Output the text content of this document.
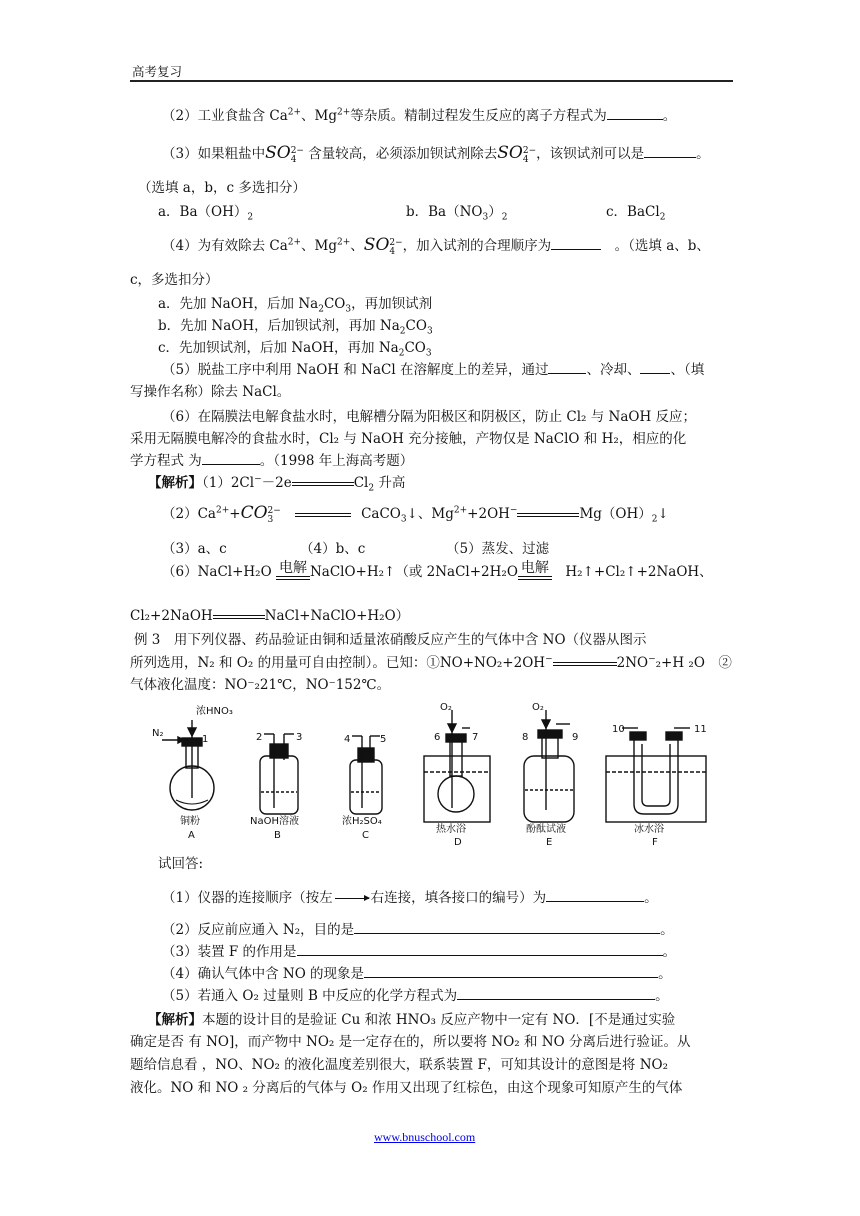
高考复习
（2）工业食盐含 $Ca^{2+}$、$Mg^{2+}$等杂质。精制过程发生反应的离子方程式为	。
（3）如果粗盐中SO 2−
4 含量较高，必须添加钡试剂除去SO 2−
4 ，该钡试剂可以是	。
（选填 a，b，c 多选扣分）
a．$Ba(OH)_2$	b．$Ba(NO_3)_2$	c．BaCl$_2$
（4）为有效除去 $Ca^{2+}$、$Mg^{2+}$、SO 2−
4 ，加入试剂的合理顺序为　	。（选填 a、b、
c，多选扣分）
a．先加 NaOH，后加 $Na_2CO_3$，再加钡试剂
b．先加 NaOH，后加钡试剂，再加 $Na_2CO_3$
c．先加钡试剂，后加 NaOH，再加 $Na_2CO_3$
（5）脱盐工序中利用 NaOH 和 NaCl 在溶解度上的差异，通过	、冷却、 、（填
写操作名称）除去 NaCl。
（6）在隔膜法电解食盐水时，电解槽分隔为阳极区和阴极区，防止 Cl₂ 与 NaOH 反应；
采用无隔膜电解冷的食盐水时，Cl₂ 与 NaOH 充分接触，产物仅是 NaClO 和 H₂，相应的化
学方程式 为	。（1998 年上海高考题）
【解析】（1）2Cl−－2e	$Cl_2$ 升高
$(2)Ca^{2+}+CO$ 2−
3	CaCO$_3$↓、$Mg^{2+}+2OH^-$	$Mg(OH)_2↓$
（3）a、c	（4）b、c	（5）蒸发、过滤
（6）NaCl+H₂O 电解 NaClO+H₂↑（或 2NaCl+2H₂O 电解
　 H₂↑+Cl₂↑+2NaOH、
Cl₂+2NaOH	NaCl+NaClO+H₂O）
例 3　用下列仪器、药品验证由铜和适量浓硝酸反应产生的气体中含 NO（仪器从图示
所列选用，N₂ 和 O₂ 的用量可自由控制）。已知：①NO+NO₂+2OH−	2NO−₂+H ₂O　②
气体液化温度：NO⁻₂21℃，NO⁻152℃。
浓HNO₃
N₂
1	2	3	4	5
O₂
6	7
O₂
8	9
10	11
铜粉	NaOH溶液	浓H₂SO₄
热水浴	酚酞试液	冰水浴
A	B	C
D	E	F
试回答:
（1）仪器的连接顺序（按左	右连接，填各接口的编号）为	。
（2）反应前应通入 N₂，目的是	。
（3）装置 F 的作用是	。
（4）确认气体中含 NO 的现象是	。
（5）若通入 O₂ 过量则 B 中反应的化学方程式为	。
【解析】本题的设计目的是验证 Cu 和浓 HNO₃ 反应产物中一定有 NO．[不是通过实验
确定是否 有 NO]，而产物中 NO₂ 是一定存在的，所以要将 NO₂ 和 NO 分离后进行验证。从
题给信息看 ，NO、NO₂ 的液化温度差别很大，联系装置 F，可知其设计的意图是将 NO₂
液化。NO 和 NO ₂ 分离后的气体与 O₂ 作用又出现了红棕色，由这个现象可知原产生的气体
www.bnuschool.com
